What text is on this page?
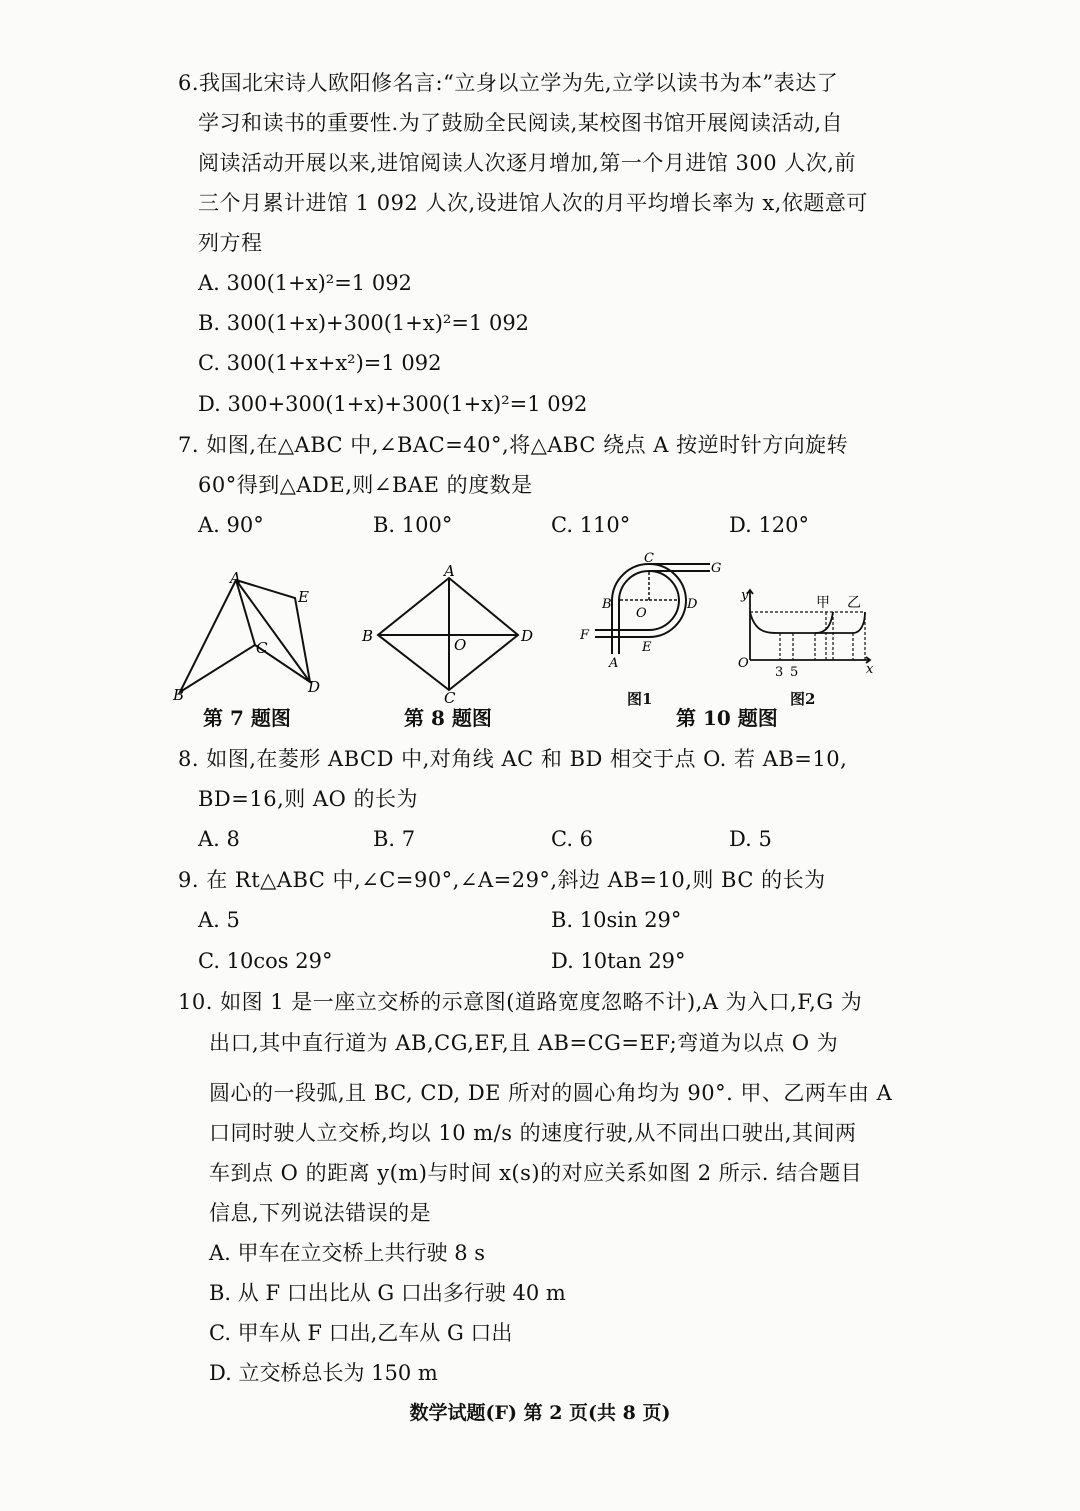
6.我国北宋诗人欧阳修名言:“立身以立学为先,立学以读书为本”表达了
学习和读书的重要性.为了鼓励全民阅读,某校图书馆开展阅读活动,自
阅读活动开展以来,进馆阅读人次逐月增加,第一个月进馆 300 人次,前
三个月累计进馆 1 092 人次,设进馆人次的月平均增长率为 x,依题意可
列方程
A. 300(1+x)²=1 092
B. 300(1+x)+300(1+x)²=1 092
C. 300(1+x+x²)=1 092
D. 300+300(1+x)+300(1+x)²=1 092
7. 如图,在△ABC 中,∠BAC=40°,将△ABC 绕点 A 按逆时针方向旋转
60°得到△ADE,则∠BAE 的度数是
A. 90°	B. 100°	C. 110°	D. 120°
A
B
C
D
E
第 7 题图
A
B
C
D
O
第 8 题图
C
G
B
O
D
F
E
A
图1
y
O	x
3 5
甲 乙
图2
第 10 题图
8. 如图,在菱形 ABCD 中,对角线 AC 和 BD 相交于点 O. 若 AB=10,
BD=16,则 AO 的长为
A. 8	B. 7	C. 6	D. 5
9. 在 Rt△ABC 中,∠C=90°,∠A=29°,斜边 AB=10,则 BC 的长为
A. 5	B. 10sin 29°
C. 10cos 29°	D. 10tan 29°
10. 如图 1 是一座立交桥的示意图(道路宽度忽略不计),A 为入口,F,G 为
出口,其中直行道为 AB,CG,EF,且 AB=CG=EF;弯道为以点 O 为
圆心的一段弧,且 BC, CD, DE 所对的圆心角均为 90°. 甲、乙两车由 A
口同时驶人立交桥,均以 10 m/s 的速度行驶,从不同出口驶出,其间两
车到点 O 的距离 y(m)与时间 x(s)的对应关系如图 2 所示. 结合题目
信息,下列说法错误的是
A. 甲车在立交桥上共行驶 8 s
B. 从 F 口出比从 G 口出多行驶 40 m
C. 甲车从 F 口出,乙车从 G 口出
D. 立交桥总长为 150 m
数学试题(F) 第 2 页(共 8 页)
